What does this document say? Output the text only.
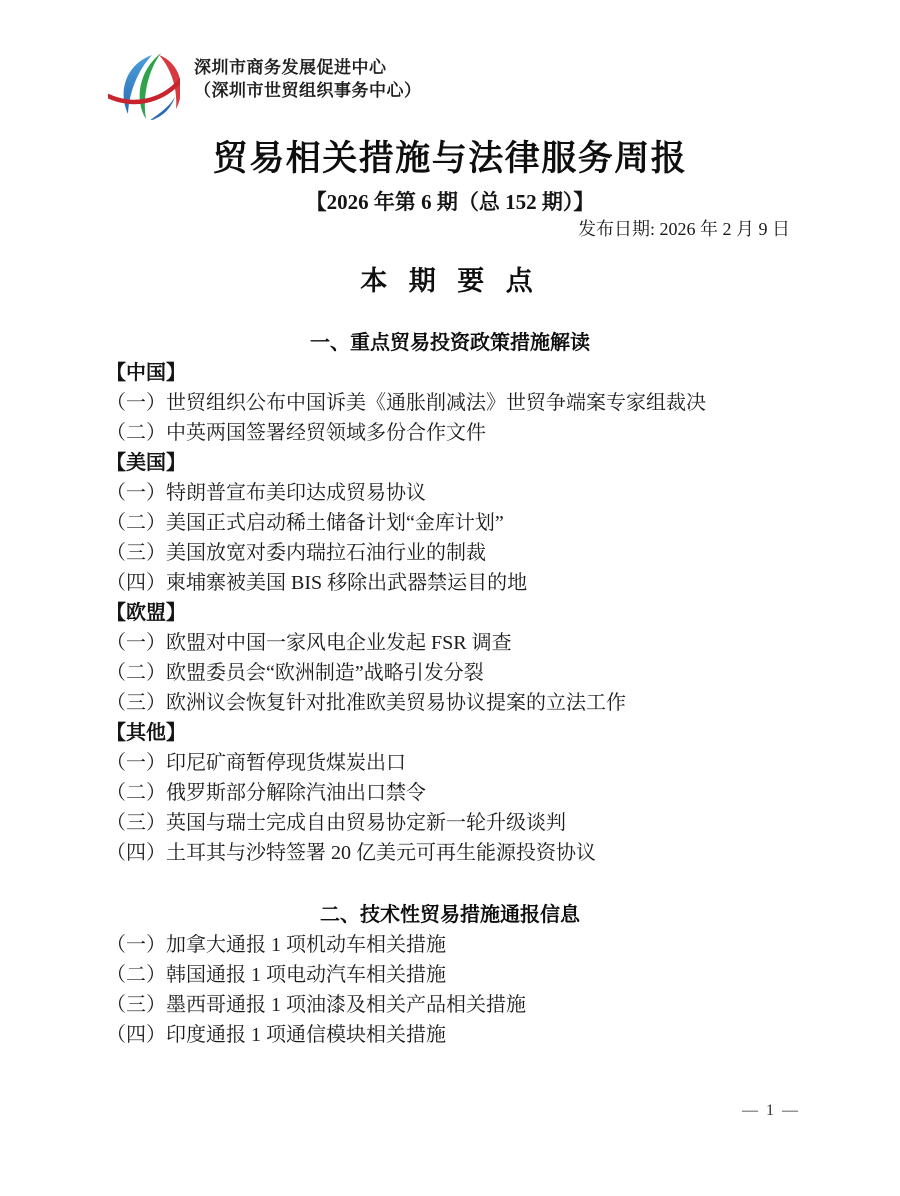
深圳市商务发展促进中心
（深圳市世贸组织事务中心）
贸易相关措施与法律服务周报
【2026 年第 6 期（总 152 期）】
发布日期: 2026 年 2 月 9 日
本 期 要 点
一、重点贸易投资政策措施解读
【中国】
（一）世贸组织公布中国诉美《通胀削减法》世贸争端案专家组裁决
（二）中英两国签署经贸领域多份合作文件
【美国】
（一）特朗普宣布美印达成贸易协议
（二）美国正式启动稀土储备计划“金库计划”
（三）美国放宽对委内瑞拉石油行业的制裁
（四）柬埔寨被美国 BIS 移除出武器禁运目的地
【欧盟】
（一）欧盟对中国一家风电企业发起 FSR 调查
（二）欧盟委员会“欧洲制造”战略引发分裂
（三）欧洲议会恢复针对批准欧美贸易协议提案的立法工作
【其他】
（一）印尼矿商暂停现货煤炭出口
（二）俄罗斯部分解除汽油出口禁令
（三）英国与瑞士完成自由贸易协定新一轮升级谈判
（四）土耳其与沙特签署 20 亿美元可再生能源投资协议
二、技术性贸易措施通报信息
（一）加拿大通报 1 项机动车相关措施
（二）韩国通报 1 项电动汽车相关措施
（三）墨西哥通报 1 项油漆及相关产品相关措施
（四）印度通报 1 项通信模块相关措施
— 1 —
